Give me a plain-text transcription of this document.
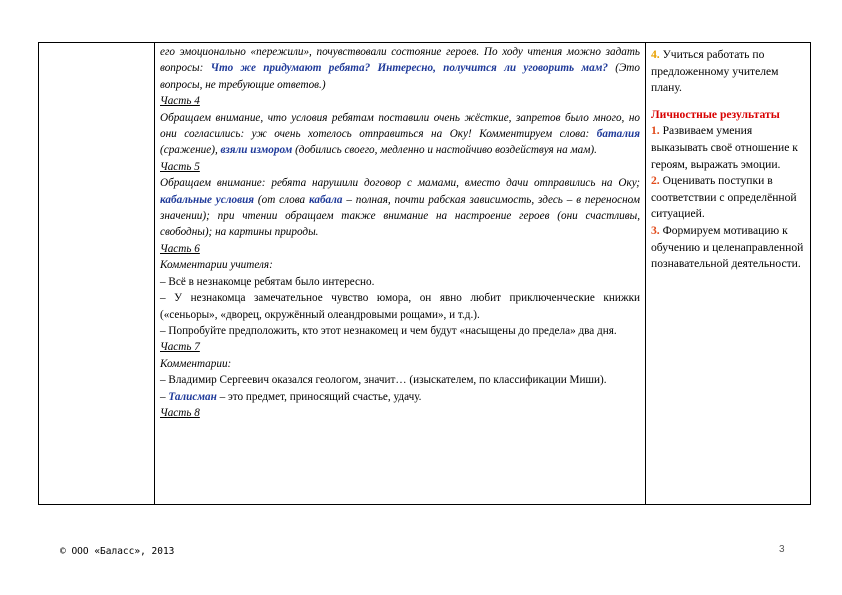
его эмоционально «пережили», почувствовали состояние героев. По ходу чтения можно задать вопросы: Что же придумают ребята? Интересно, получится ли уговорить мам? (Это вопросы, не требующие ответов.)

Часть 4

Обращаем внимание, что условия ребятам поставили очень жёсткие, запретов было много, но они согласились: уж очень хотелось отправиться на Оку! Комментируем слова: баталия (сражение), взяли измором (добились своего, медленно и настойчиво воздействуя на мам).

Часть 5

Обращаем внимание: ребята нарушили договор с мамами, вместо дачи отправились на Оку; кабальные условия (от слова кабала – полная, почти рабская зависимость, здесь – в переносном значении); при чтении обращаем также внимание на настроение героев (они счастливы, свободны); на картины природы.

Часть 6

Комментарии учителя:

– Всё в незнакомце ребятам было интересно.

– У незнакомца замечательное чувство юмора, он явно любит приключенческие книжки («сеньоры», «дворец, окружённый олеандровыми рощами», и т.д.).

– Попробуйте предположить, кто этот незнакомец и чем будут «насыщены до предела» два дня.

Часть 7

Комментарии:

– Владимир Сергеевич оказался геологом, значит… (изыскателем, по классификации Миши).

– Талисман – это предмет, приносящий счастье, удачу.

Часть 8

4. Учиться работать по предложенному учителем плану.

Личностные результаты

1. Развиваем умения выказывать своё отношение к героям, выражать эмоции.

2. Оценивать поступки в соответствии с определённой ситуацией.

3. Формируем мотивацию к обучению и целенаправленной познавательной деятельности.

© ООО «Баласс», 2013	3
